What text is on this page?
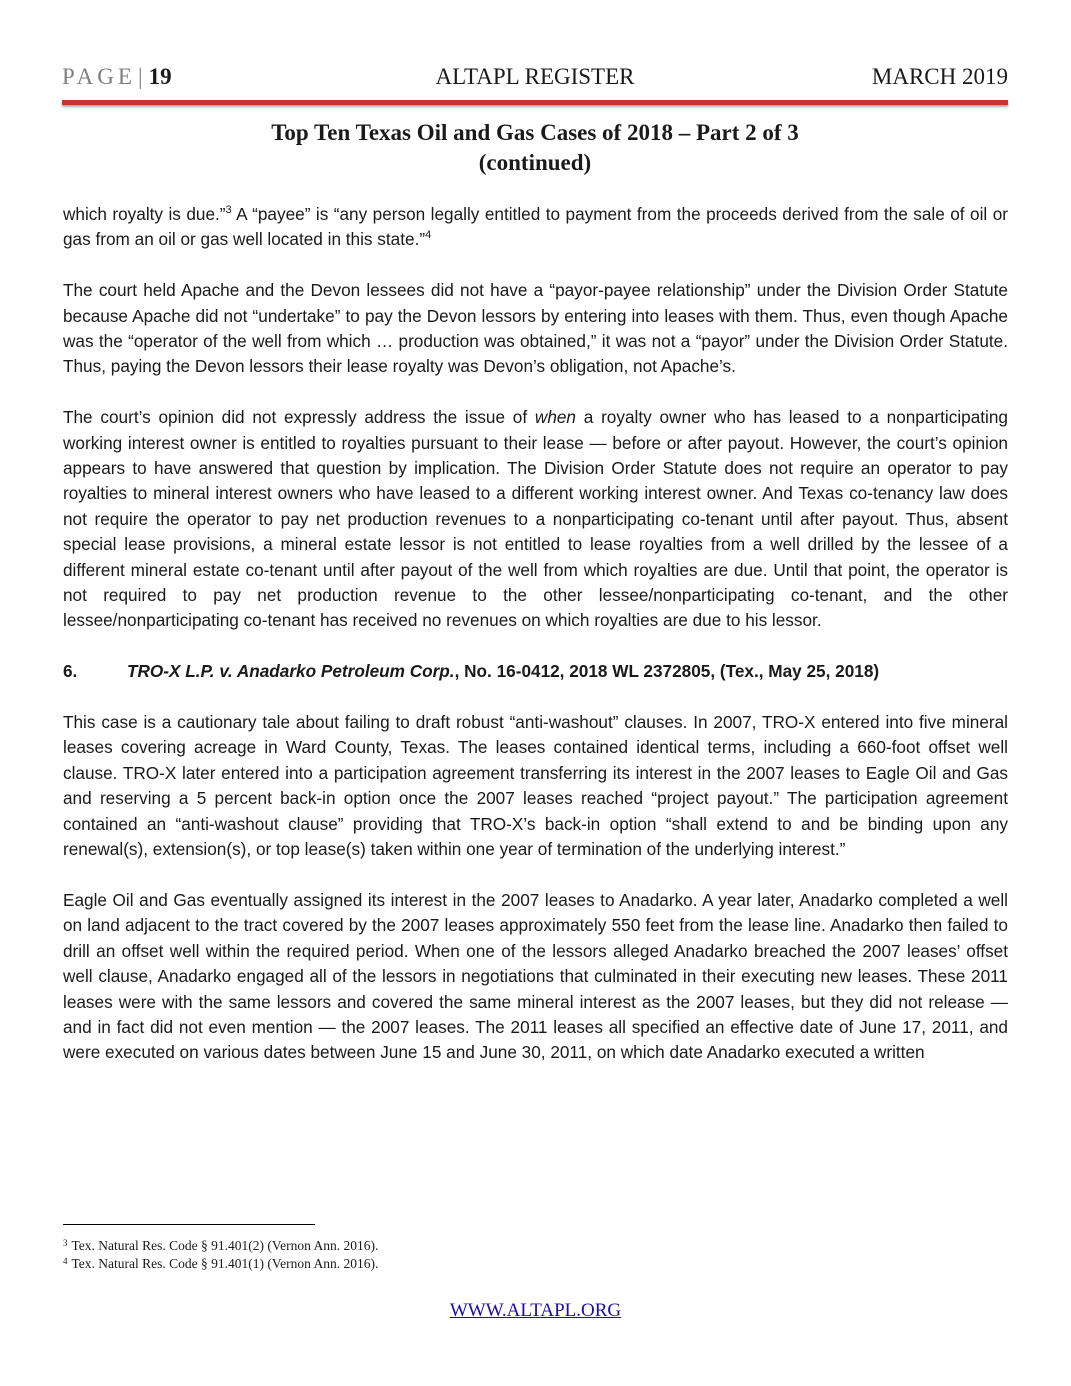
PAGE| 19	ALTAPL REGISTER	MARCH 2019
Top Ten Texas Oil and Gas Cases of 2018 – Part 2 of 3
(continued)

which royalty is due.”$^3$ A “payee” is “any person legally entitled to payment from the proceeds derived from the sale of oil or gas from an oil or gas well located in this state.”$^4$

The court held Apache and the Devon lessees did not have a “payor-payee relationship” under the Division Order Statute because Apache did not “undertake” to pay the Devon lessors by entering into leases with them. Thus, even though Apache was the “operator of the well from which … production was obtained,” it was not a “payor” under the Division Order Statute. Thus, paying the Devon lessors their lease royalty was Devon’s obligation, not Apache’s.

The court’s opinion did not expressly address the issue of when a royalty owner who has leased to a nonparticipating working interest owner is entitled to royalties pursuant to their lease — before or after payout. However, the court’s opinion appears to have answered that question by implication. The Division Order Statute does not require an operator to pay royalties to mineral interest owners who have leased to a different working interest owner. And Texas co-tenancy law does not require the operator to pay net production revenues to a nonparticipating co-tenant until after payout. Thus, absent special lease provisions, a mineral estate lessor is not entitled to lease royalties from a well drilled by the lessee of a different mineral estate co-tenant until after payout of the well from which royalties are due. Until that point, the operator is not required to pay net production revenue to the other lessee/nonparticipating co-tenant, and the other lessee/nonparticipating co-tenant has received no revenues on which royalties are due to his lessor.

6.	TRO-X L.P. v. Anadarko Petroleum Corp., No. 16-0412, 2018 WL 2372805, (Tex., May 25, 2018)

This case is a cautionary tale about failing to draft robust “anti-washout” clauses. In 2007, TRO-X entered into five mineral leases covering acreage in Ward County, Texas. The leases contained identical terms, including a 660-foot offset well clause. TRO-X later entered into a participation agreement transferring its interest in the 2007 leases to Eagle Oil and Gas and reserving a 5 percent back-in option once the 2007 leases reached “project payout.” The participation agreement contained an “anti-washout clause” providing that TRO-X’s back-in option “shall extend to and be binding upon any renewal(s), extension(s), or top lease(s) taken within one year of termination of the underlying interest.”

Eagle Oil and Gas eventually assigned its interest in the 2007 leases to Anadarko. A year later, Anadarko completed a well on land adjacent to the tract covered by the 2007 leases approximately 550 feet from the lease line. Anadarko then failed to drill an offset well within the required period. When one of the lessors alleged Anadarko breached the 2007 leases’ offset well clause, Anadarko engaged all of the lessors in negotiations that culminated in their executing new leases. These 2011 leases were with the same lessors and covered the same mineral interest as the 2007 leases, but they did not release — and in fact did not even mention — the 2007 leases. The 2011 leases all specified an effective date of June 17, 2011, and were executed on various dates between June 15 and June 30, 2011, on which date Anadarko executed a written

$^3$ Tex. Natural Res. Code § 91.401(2) (Vernon Ann. 2016).
$^4$ Tex. Natural Res. Code § 91.401(1) (Vernon Ann. 2016).
WWW.ALTAPL.ORG
